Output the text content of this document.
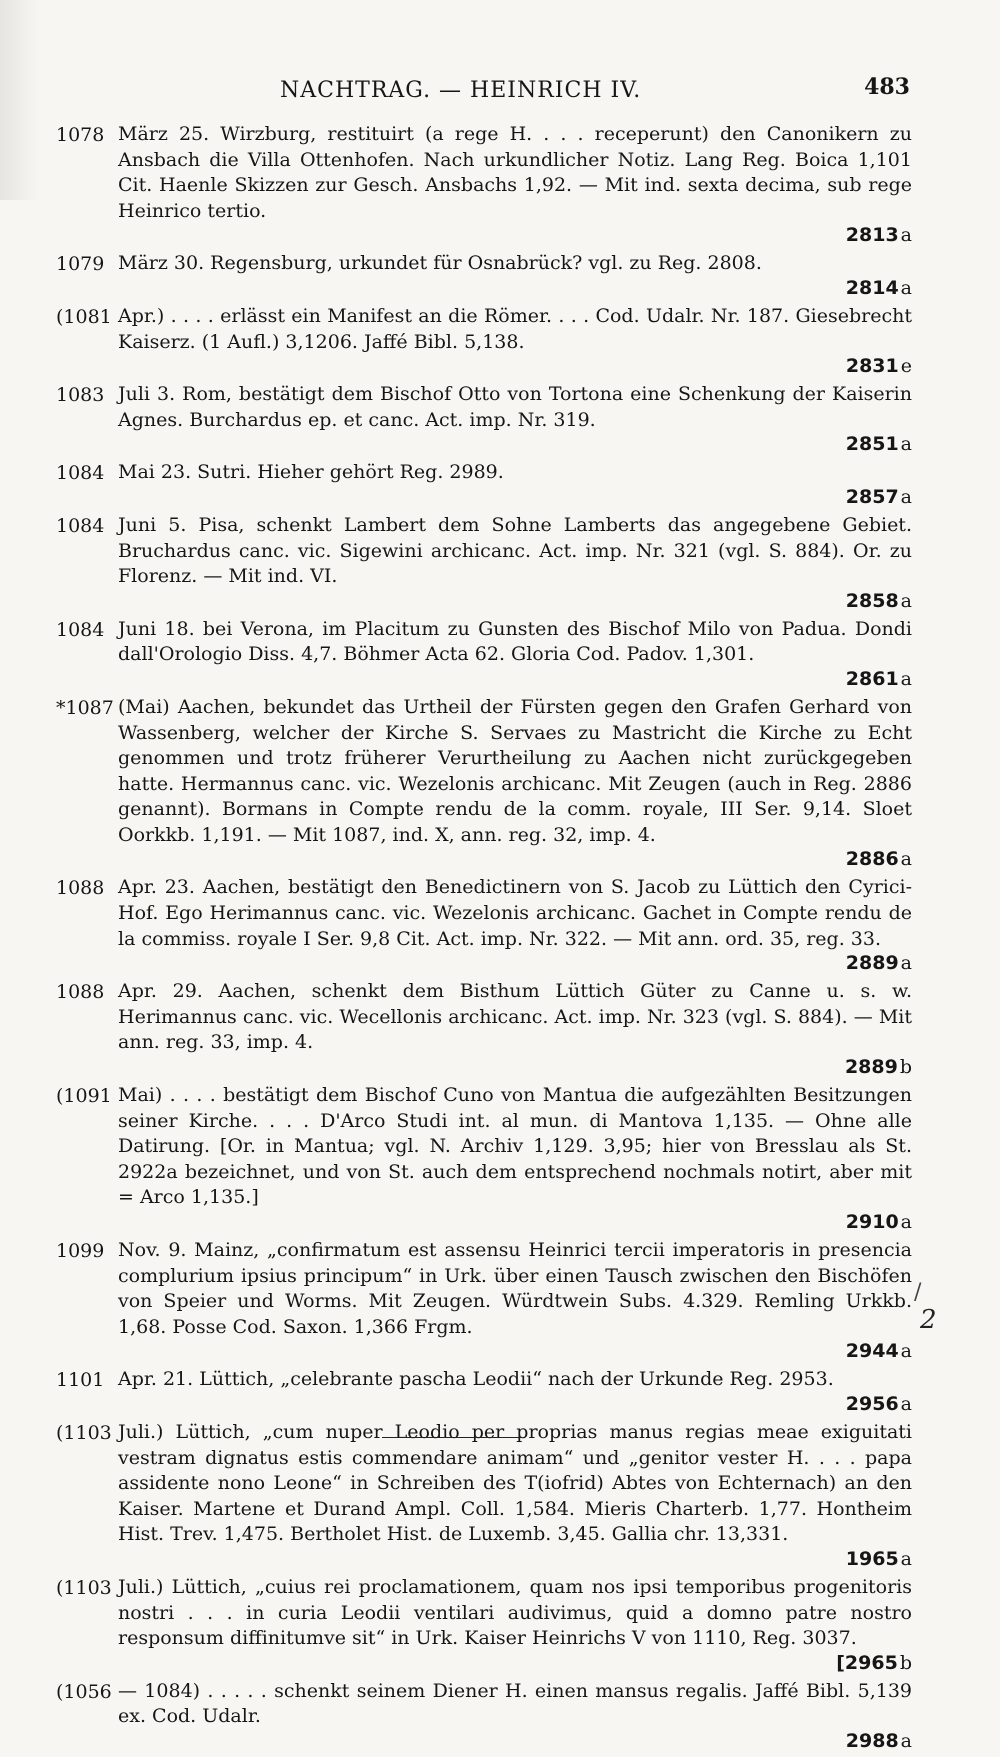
NACHTRAG. — HEINRICH IV.	483
1078 März 25. Wirzburg, restituirt (a rege H. . . . receperunt) den Canonikern zu Ansbach die Villa Ottenhofen. Nach urkundlicher Notiz. Lang Reg. Boica 1,101 Cit. Haenle Skizzen zur Gesch. Ansbachs 1,92. — Mit ind. sexta decima, sub rege Heinrico tertio.
2813 a
1079 März 30. Regensburg, urkundet für Osnabrück? vgl. zu Reg. 2808.
2814 a
(1081 Apr.) . . . . erlässt ein Manifest an die Römer. . . . Cod. Udalr. Nr. 187. Giesebrecht Kaiserz. (1 Aufl.) 3,1206. Jaffé Bibl. 5,138.
2831 e
1083 Juli 3. Rom, bestätigt dem Bischof Otto von Tortona eine Schenkung der Kaiserin Agnes. Burchardus ep. et canc. Act. imp. Nr. 319.
2851 a
1084 Mai 23. Sutri. Hieher gehört Reg. 2989.
2857 a
1084 Juni 5. Pisa, schenkt Lambert dem Sohne Lamberts das angegebene Gebiet. Bruchardus canc. vic. Sigewini archicanc. Act. imp. Nr. 321 (vgl. S. 884). Or. zu Florenz. — Mit ind. VI.
2858 a
1084 Juni 18. bei Verona, im Placitum zu Gunsten des Bischof Milo von Padua. Dondi dall'Orologio Diss. 4,7. Böhmer Acta 62. Gloria Cod. Padov. 1,301.
2861 a
*1087 (Mai) Aachen, bekundet das Urtheil der Fürsten gegen den Grafen Gerhard von Wassenberg, welcher der Kirche S. Servaes zu Mastricht die Kirche zu Echt genommen und trotz früherer Verurtheilung zu Aachen nicht zurückgegeben hatte. Hermannus canc. vic. Wezelonis archicanc. Mit Zeugen (auch in Reg. 2886 genannt). Bormans in Compte rendu de la comm. royale, III Ser. 9,14. Sloet Oorkkb. 1,191. — Mit 1087, ind. X, ann. reg. 32, imp. 4.
2886 a
1088 Apr. 23. Aachen, bestätigt den Benedictinern von S. Jacob zu Lüttich den Cyrici-Hof. Ego Herimannus canc. vic. Wezelonis archicanc. Gachet in Compte rendu de la commiss. royale I Ser. 9,8 Cit. Act. imp. Nr. 322. — Mit ann. ord. 35, reg. 33.
2889 a
1088 Apr. 29. Aachen, schenkt dem Bisthum Lüttich Güter zu Canne u. s. w. Herimannus canc. vic. Wecellonis archicanc. Act. imp. Nr. 323 (vgl. S. 884). — Mit ann. reg. 33, imp. 4.
2889 b
(1091 Mai) . . . . bestätigt dem Bischof Cuno von Mantua die aufgezählten Besitzungen seiner Kirche. . . . D'Arco Studi int. al mun. di Mantova 1,135. — Ohne alle Datirung. [Or. in Mantua; vgl. N. Archiv 1,129. 3,95; hier von Bresslau als St. 2922a bezeichnet, und von St. auch dem entsprechend nochmals notirt, aber mit = Arco 1,135.]
2910 a
1099 Nov. 9. Mainz, „confirmatum est assensu Heinrici tercii imperatoris in presencia complurium ipsius principum“ in Urk. über einen Tausch zwischen den Bischöfen von Speier und Worms. Mit Zeugen. Würdtwein Subs. 4.329. Remling Urkkb. 1,68. Posse Cod. Saxon. 1,366 Frgm.
2944 a
1101 Apr. 21. Lüttich, „celebrante pascha Leodii“ nach der Urkunde Reg. 2953.
2956 a
(1103 Juli.) Lüttich, „cum nuper Leodio per proprias manus regias meae exiguitati vestram dignatus estis commendare animam“ und „genitor vester H. . . . papa assidente nono Leone“ in Schreiben des T(iofrid) Abtes von Echternach) an den Kaiser. Martene et Durand Ampl. Coll. 1,584. Mieris Charterb. 1,77. Hontheim Hist. Trev. 1,475. Bertholet Hist. de Luxemb. 3,45. Gallia chr. 13,331.
1965 a
(1103 Juli.) Lüttich, „cuius rei proclamationem, quam nos ipsi temporibus progenitoris nostri . . . in curia Leodii ventilari audivimus, quid a domno patre nostro responsum diffinitumve sit“ in Urk. Kaiser Heinrichs V von 1110, Reg. 3037.
[2965 b
(1056 — 1084) . . . . . schenkt seinem Diener H. einen mansus regalis. Jaffé Bibl. 5,139 ex. Cod. Udalr.
2988 a
/
2
